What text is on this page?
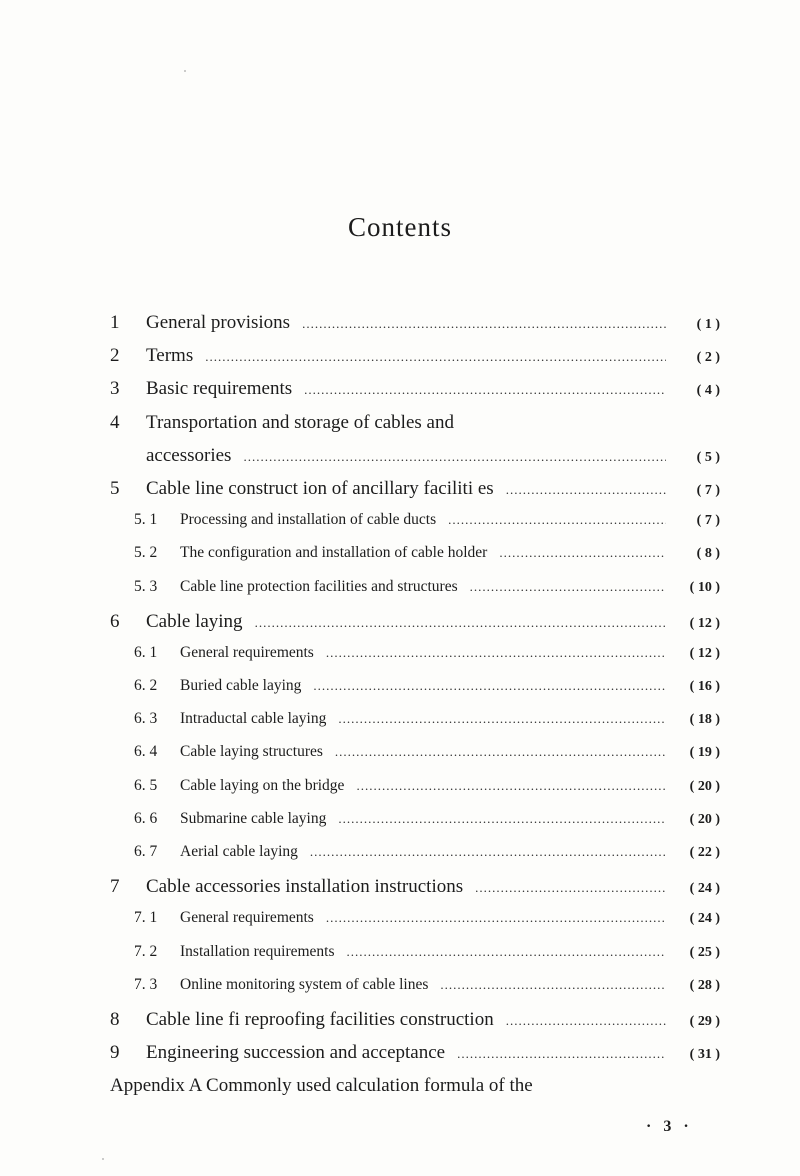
Contents
1	General provisions .....	( 1 )
2	Terms .....	( 2 )
3	Basic requirements .....	( 4 )
4	Transportation and storage of cables and
accessories .....	( 5 )
5	Cable line construct ion of ancillary faciliti es .....	( 7 )
5. 1	Processing and installation of cable ducts .....	( 7 )
5. 2	The configuration and installation of cable holder .....	( 8 )
5. 3	Cable line protection facilities and structures .....	( 10 )
6	Cable laying .....	( 12 )
6. 1	General requirements .....	( 12 )
6. 2	Buried cable laying .....	( 16 )
6. 3	Intraductal cable laying .....	( 18 )
6. 4	Cable laying structures .....	( 19 )
6. 5	Cable laying on the bridge .....	( 20 )
6. 6	Submarine cable laying .....	( 20 )
6. 7	Aerial cable laying .....	( 22 )
7	Cable accessories installation instructions .....	( 24 )
7. 1	General requirements .....	( 24 )
7. 2	Installation requirements .....	( 25 )
7. 3	Online monitoring system of cable lines .....	( 28 )
8	Cable line fi reproofing facilities construction .....	( 29 )
9	Engineering succession and acceptance .....	( 31 )
Appendix A Commonly used calculation formula of the
· 3 ·
